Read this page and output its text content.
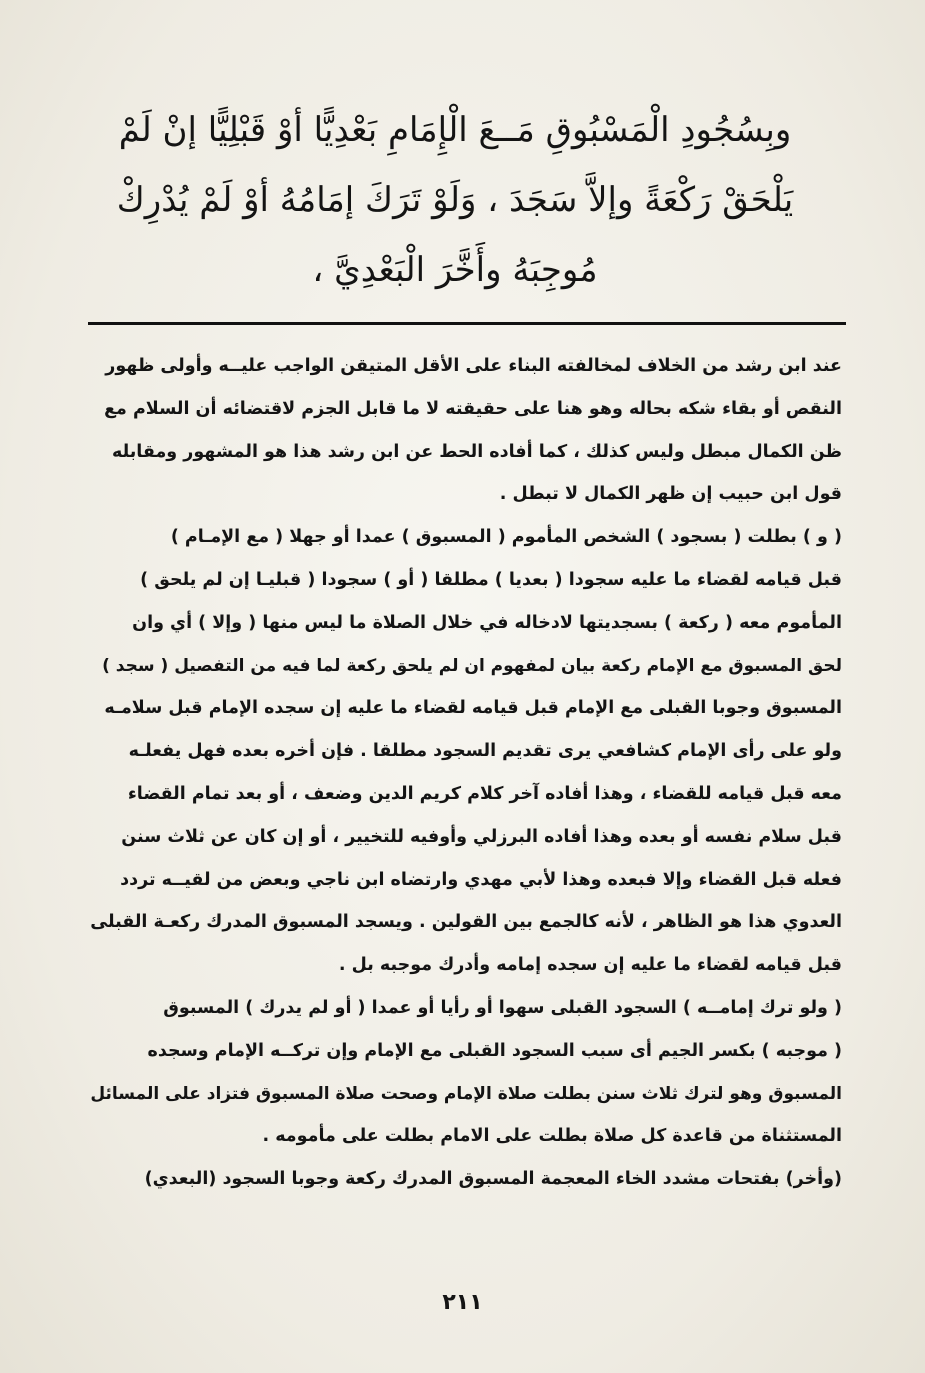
وبِسُجُودِ الْمَسْبُوقِ مَــعَ الْإِمَامِ بَعْدِيًّا أوْ قَبْلِيًّا إنْ لَمْ
يَلْحَقْ رَكْعَةً وإلاَّ سَجَدَ ، وَلَوْ تَرَكَ إمَامُهُ أوْ لَمْ يُدْرِكْ
مُوجِبَهُ وأَخَّرَ الْبَعْدِيَّ ،
عند ابن رشد من الخلاف لمخالفته البناء على الأقل المتيقن الواجب عليــه وأولى ظهور
النقص أو بقاء شكه بحاله وهو هنا على حقيقته لا ما قابل الجزم لاقتضائه أن السلام مع
ظن الكمال مبطل وليس كذلك ، كما أفاده الحط عن ابن رشد هذا هو المشهور ومقابله
قول ابن حبيب إن ظهر الكمال لا تبطل .
( و ) بطلت ( بسجود ) الشخص المأموم ( المسبوق ) عمدا أو جهلا ( مع الإمـام )
قبل قيامه لقضاء ما عليه سجودا ( بعديا ) مطلقا ( أو ) سجودا ( قبليـا إن لم يلحق )
المأموم معه ( ركعة ) بسجديتها لادخاله في خلال الصلاة ما ليس منها ( وإلا ) أي وان
لحق المسبوق مع الإمام ركعة بيان لمفهوم ان لم يلحق ركعة لما فيه من التفصيل ( سجد )
المسبوق وجوبا القبلى مع الإمام قبل قيامه لقضاء ما عليه إن سجده الإمام قبل سلامـه
ولو على رأى الإمام كشافعي يرى تقديم السجود مطلقا . فإن أخره بعده فهل يفعلـه
معه قبل قيامه للقضاء ، وهذا أفاده آخر كلام كريم الدين وضعف ، أو بعد تمام القضاء
قبل سلام نفسه أو بعده وهذا أفاده البرزلي وأوفيه للتخيير ، أو إن كان عن ثلاث سنن
فعله قبل القضاء وإلا فبعده وهذا لأبي مهدي وارتضاه ابن ناجي وبعض من لقيــه تردد
العدوي هذا هو الظاهر ، لأنه كالجمع بين القولين . ويسجد المسبوق المدرك ركعـة القبلى
قبل قيامه لقضاء ما عليه إن سجده إمامه وأدرك موجبه بل .
( ولو ترك إمامــه ) السجود القبلى سهوا أو رأيا أو عمدا ( أو لم يدرك ) المسبوق
( موجبه ) بكسر الجيم أى سبب السجود القبلى مع الإمام وإن تركــه الإمام وسجده
المسبوق وهو لترك ثلاث سنن بطلت صلاة الإمام وصحت صلاة المسبوق فتزاد على المسائل
المستثناة من قاعدة كل صلاة بطلت على الامام بطلت على مأمومه .
(وأخر) بفتحات مشدد الخاء المعجمة المسبوق المدرك ركعة وجوبا السجود (البعدي)
٢١١
